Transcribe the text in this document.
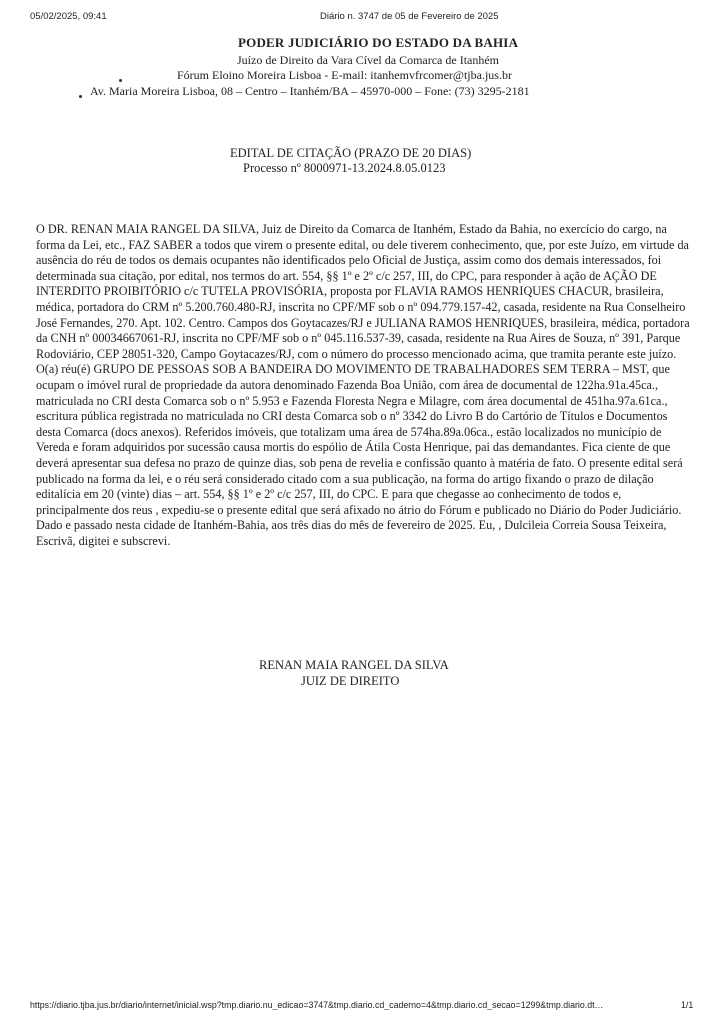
05/02/2025, 09:41	Diário n. 3747 de 05 de Fevereiro de 2025
PODER JUDICIÁRIO DO ESTADO DA BAHIA
Juízo de Direito da Vara Cível da Comarca de Itanhém
Fórum Eloino Moreira Lisboa - E-mail: itanhemvfrcomer@tjba.jus.br
Av. Maria Moreira Lisboa, 08 – Centro – Itanhém/BA – 45970-000 – Fone: (73) 3295-2181
EDITAL DE CITAÇÃO (PRAZO DE 20 DIAS)
Processo nº 8000971-13.2024.8.05.0123
O DR. RENAN MAIA RANGEL DA SILVA, Juiz de Direito da Comarca de Itanhém, Estado da Bahia, no exercício do cargo, na forma da Lei, etc., FAZ SABER a todos que virem o presente edital, ou dele tiverem conhecimento, que, por este Juízo, em virtude da ausência do réu de todos os demais ocupantes não identificados pelo Oficial de Justiça, assim como dos demais interessados, foi determinada sua citação, por edital, nos termos do art. 554, §§ 1º e 2º c/c 257, III, do CPC, para responder à ação de AÇÃO DE INTERDITO PROIBITÓRIO c/c TUTELA PROVISÓRIA, proposta por FLAVIA RAMOS HENRIQUES CHACUR, brasileira, médica, portadora do CRM nº 5.200.760.480-RJ, inscrita no CPF/MF sob o nº 094.779.157-42, casada, residente na Rua Conselheiro José Fernandes, 270. Apt. 102. Centro. Campos dos Goytacazes/RJ e JULIANA RAMOS HENRIQUES, brasileira, médica, portadora da CNH nº 00034667061-RJ, inscrita no CPF/MF sob o nº 045.116.537-39, casada, residente na Rua Aires de Souza, nº 391, Parque Rodoviário, CEP 28051-320, Campo Goytacazes/RJ, com o número do processo mencionado acima, que tramita perante este juízo. O(a) réu(é) GRUPO DE PESSOAS SOB A BANDEIRA DO MOVIMENTO DE TRABALHADORES SEM TERRA – MST, que ocupam o imóvel rural de propriedade da autora denominado Fazenda Boa União, com área de documental de 122ha.91a.45ca., matriculada no CRI desta Comarca sob o nº 5.953 e Fazenda Floresta Negra e Milagre, com área documental de 451ha.97a.61ca., escritura pública registrada no matriculada no CRI desta Comarca sob o nº 3342 do Livro B do Cartório de Títulos e Documentos desta Comarca (docs anexos). Referidos imóveis, que totalizam uma área de 574ha.89a.06ca., estão localizados no município de Vereda e foram adquiridos por sucessão causa mortis do espólio de Átila Costa Henrique, pai das demandantes. Fica ciente de que deverá apresentar sua defesa no prazo de quinze dias, sob pena de revelia e confissão quanto à matéria de fato. O presente edital será publicado na forma da lei, e o réu será considerado citado com a sua publicação, na forma do artigo fixando o prazo de dilação editalícia em 20 (vinte) dias – art. 554, §§ 1º e 2º c/c 257, III, do CPC. E para que chegasse ao conhecimento de todos e, principalmente dos reus , expediu-se o presente edital que será afixado no átrio do Fórum e publicado no Diário do Poder Judiciário. Dado e passado nesta cidade de Itanhém-Bahia, aos três dias do mês de fevereiro de 2025. Eu, , Dulcileia Correia Sousa Teixeira, Escrivã, digitei e subscrevi.
RENAN MAIA RANGEL DA SILVA
JUIZ DE DIREITO
https://diario.tjba.jus.br/diario/internet/inicial.wsp?tmp.diario.nu_edicao=3747&tmp.diario.cd_caderno=4&tmp.diario.cd_secao=1299&tmp.diario.dt…	1/1
